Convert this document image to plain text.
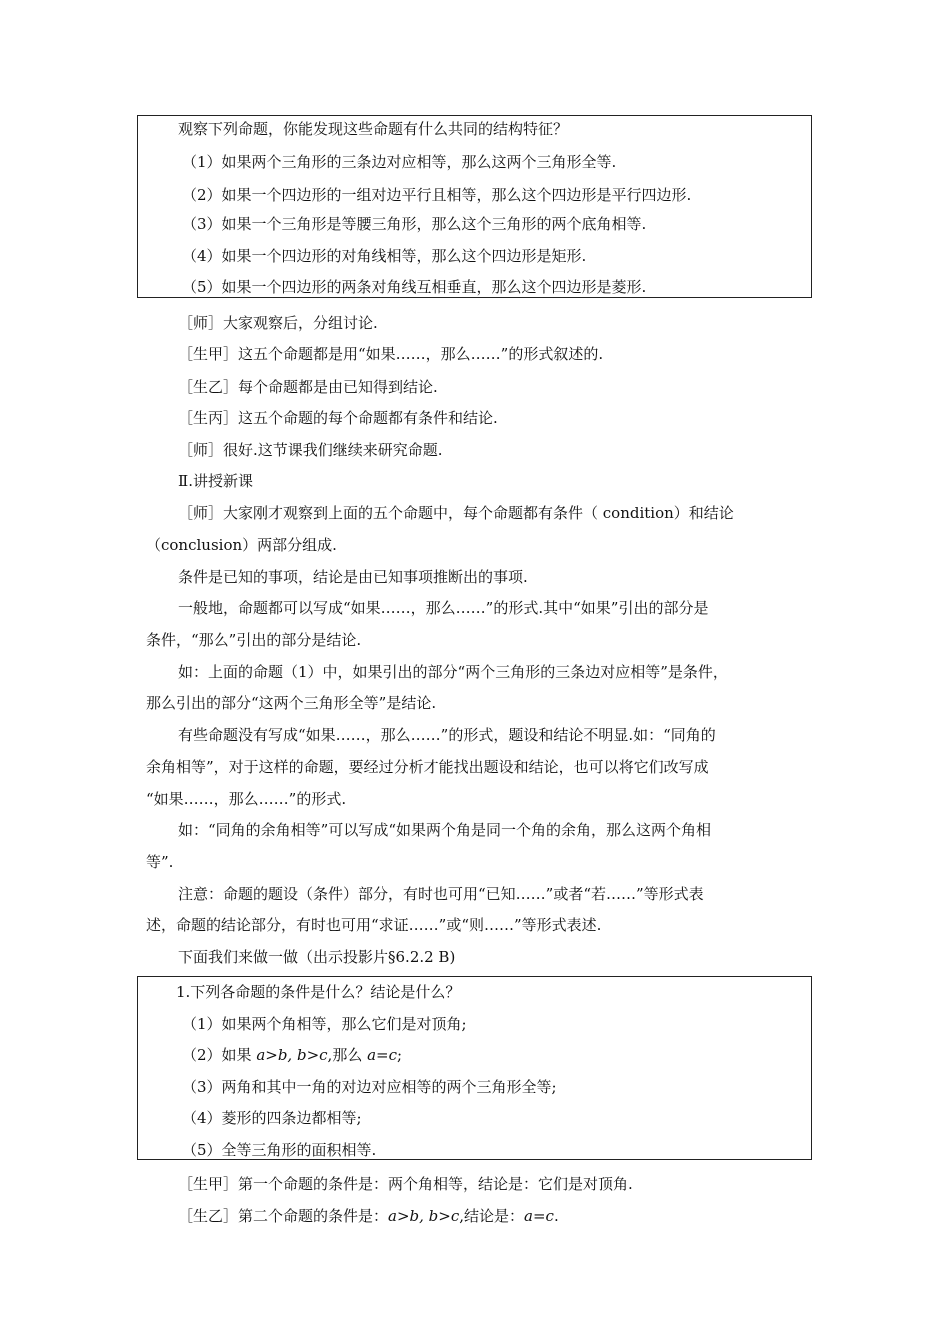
观察下列命题，你能发现这些命题有什么共同的结构特征？
（1）如果两个三角形的三条边对应相等，那么这两个三角形全等.
（2）如果一个四边形的一组对边平行且相等，那么这个四边形是平行四边形.
（3）如果一个三角形是等腰三角形，那么这个三角形的两个底角相等.
（4）如果一个四边形的对角线相等，那么这个四边形是矩形.
（5）如果一个四边形的两条对角线互相垂直，那么这个四边形是菱形.
［师］大家观察后，分组讨论.
［生甲］这五个命题都是用“如果……，那么……”的形式叙述的.
［生乙］每个命题都是由已知得到结论.
［生丙］这五个命题的每个命题都有条件和结论.
［师］很好.这节课我们继续来研究命题.
Ⅱ.讲授新课
［师］大家刚才观察到上面的五个命题中，每个命题都有条件（ condition）和结论
（conclusion）两部分组成.
条件是已知的事项，结论是由已知事项推断出的事项.
一般地，命题都可以写成“如果……，那么……”的形式.其中“如果”引出的部分是
条件，“那么”引出的部分是结论.
如：上面的命题（1）中，如果引出的部分“两个三角形的三条边对应相等”是条件，
那么引出的部分“这两个三角形全等”是结论.
有些命题没有写成“如果……，那么……”的形式，题设和结论不明显.如：“同角的
余角相等”，对于这样的命题，要经过分析才能找出题设和结论，也可以将它们改写成
“如果……，那么……”的形式.
如：“同角的余角相等”可以写成“如果两个角是同一个角的余角，那么这两个角相
等”.
注意：命题的题设（条件）部分，有时也可用“已知……”或者“若……”等形式表
述，命题的结论部分，有时也可用“求证……”或“则……”等形式表述.
下面我们来做一做（出示投影片§6.2.2 B)
1.下列各命题的条件是什么？结论是什么？
（1）如果两个角相等，那么它们是对顶角;
（2）如果 a>b, b>c,那么 a=c;
（3）两角和其中一角的对边对应相等的两个三角形全等;
（4）菱形的四条边都相等;
（5）全等三角形的面积相等.
［生甲］第一个命题的条件是：两个角相等，结论是：它们是对顶角.
［生乙］第二个命题的条件是：a>b, b>c,结论是：a=c.
